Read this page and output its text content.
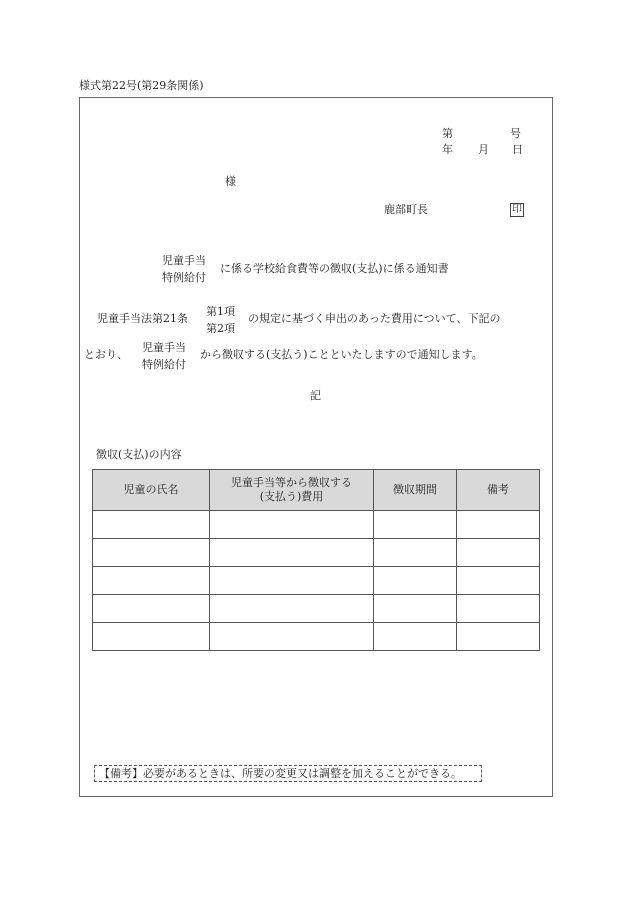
様式第22号(第29条関係)
第	号
年 月 日
様
鹿部町長	印
児童手当
特例給付
に係る学校給食費等の徴収(支払)に係る通知書
児童手当法第21条
第1項
第2項
の規定に基づく申出のあった費用について、下記の
とおり、
児童手当
特例給付
から徴収する(支払う)ことといたしますので通知します。
記
徴収(支払)の内容
児童の氏名	児童手当等から徴収する
(支払う)費用	徴収期間	備考

【備考】必要があるときは、所要の変更又は調整を加えることができる。
